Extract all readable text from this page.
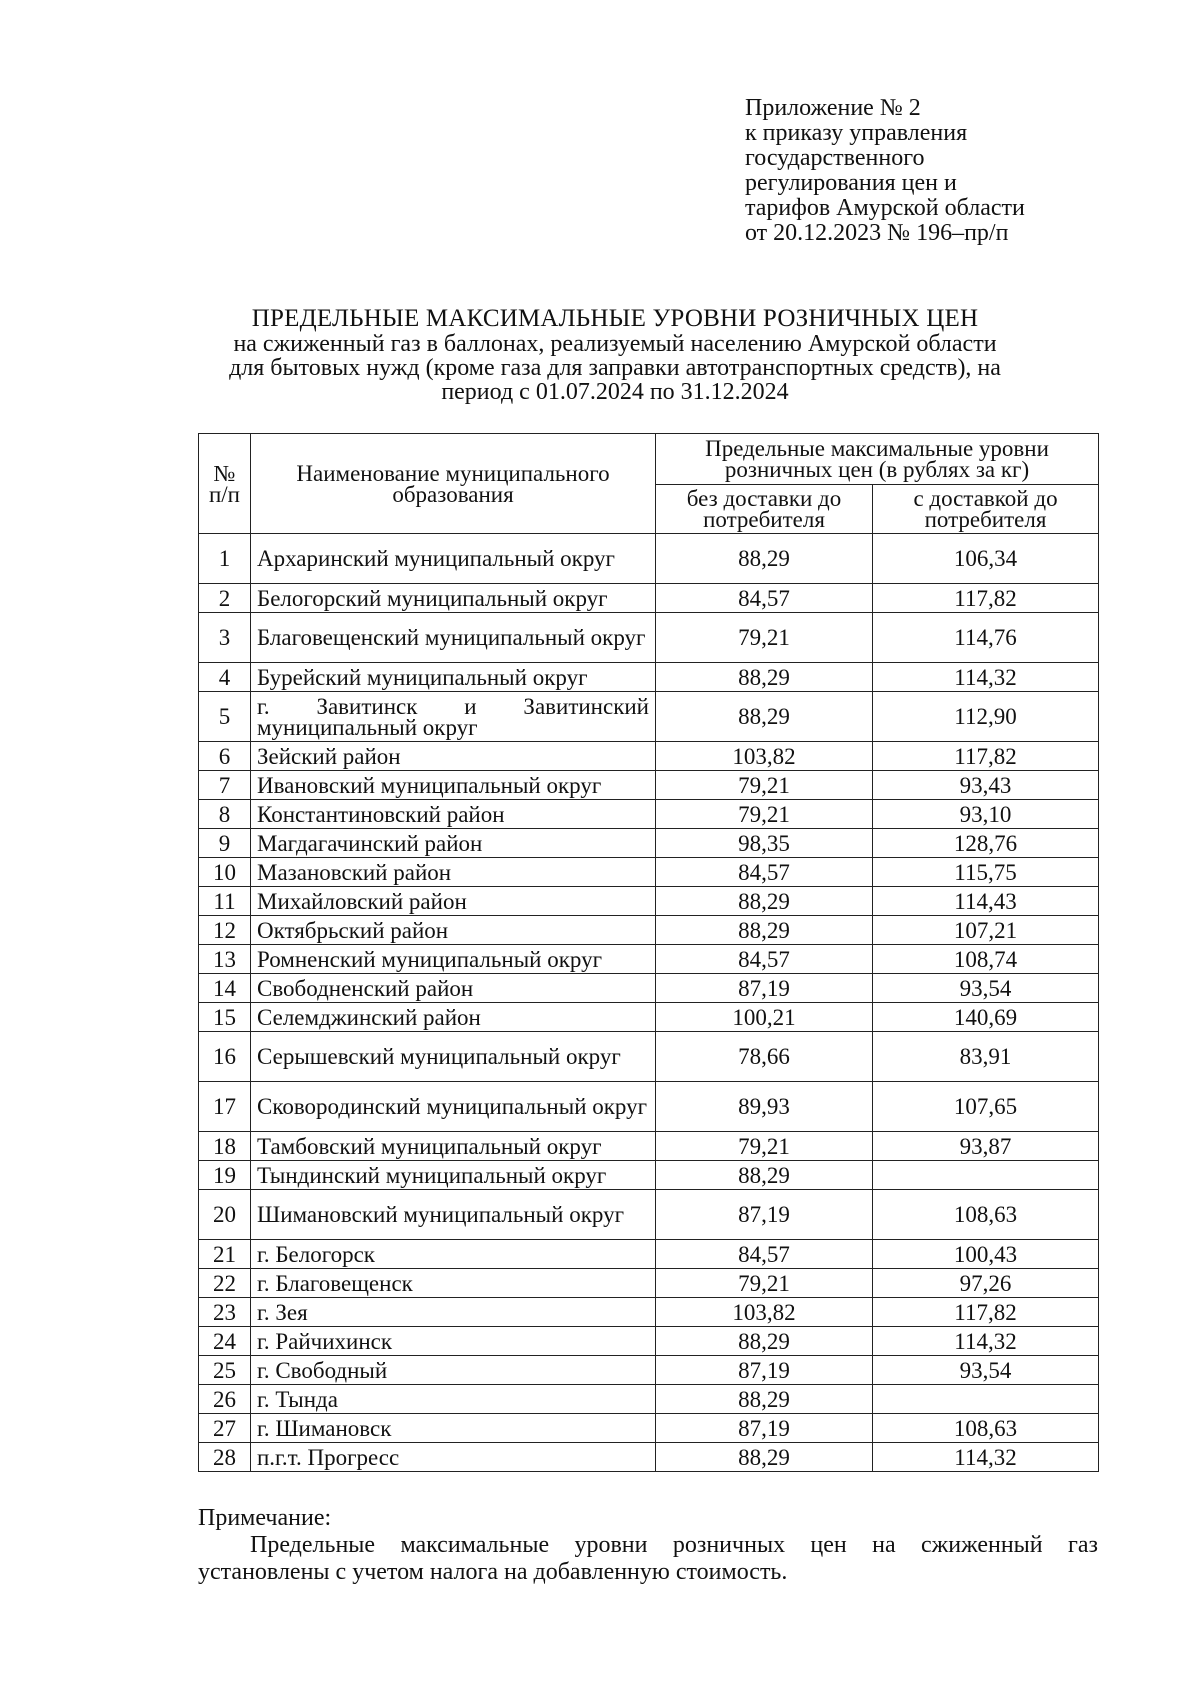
Приложение № 2
к приказу управления
государственного
регулирования цен и
тарифов Амурской области
от 20.12.2023 № 196–пр/п
ПРЕДЕЛЬНЫЕ МАКСИМАЛЬНЫЕ УРОВНИ РОЗНИЧНЫХ ЦЕН
на сжиженный газ в баллонах, реализуемый населению Амурской области
для бытовых нужд (кроме газа для заправки автотранспортных средств), на
период с 01.07.2024 по 31.12.2024
№ п/п	Наименование муниципального образования	Предельные максимальные уровни розничных цен (в рублях за кг)	
		без доставки до потребителя	с доставкой до потребителя
1	Архаринский муниципальный округ	88,29	106,34
2	Белогорский муниципальный округ	84,57	117,82
3	Благовещенский муниципальный округ	79,21	114,76
4	Бурейский муниципальный округ	88,29	114,32
5	г. Завитинск и Завитинский муниципальный округ	88,29	112,90
6	Зейский район	103,82	117,82
7	Ивановский муниципальный округ	79,21	93,43
8	Константиновский район	79,21	93,10
9	Магдагачинский район	98,35	128,76
10	Мазановский район	84,57	115,75
11	Михайловский район	88,29	114,43
12	Октябрьский район	88,29	107,21
13	Ромненский муниципальный округ	84,57	108,74
14	Свободненский район	87,19	93,54
15	Селемджинский район	100,21	140,69
16	Серышевский муниципальный округ	78,66	83,91
17	Сковородинский муниципальный округ	89,93	107,65
18	Тамбовский муниципальный округ	79,21	93,87
19	Тындинский муниципальный округ	88,29	
20	Шимановский муниципальный округ	87,19	108,63
21	г. Белогорск	84,57	100,43
22	г. Благовещенск	79,21	97,26
23	г. Зея	103,82	117,82
24	г. Райчихинск	88,29	114,32
25	г. Свободный	87,19	93,54
26	г. Тында	88,29	
27	г. Шимановск	87,19	108,63
28	п.г.т. Прогресс	88,29	114,32
Примечание:
Предельные максимальные уровни розничных цен на сжиженный газ установлены с учетом налога на добавленную стоимость.
